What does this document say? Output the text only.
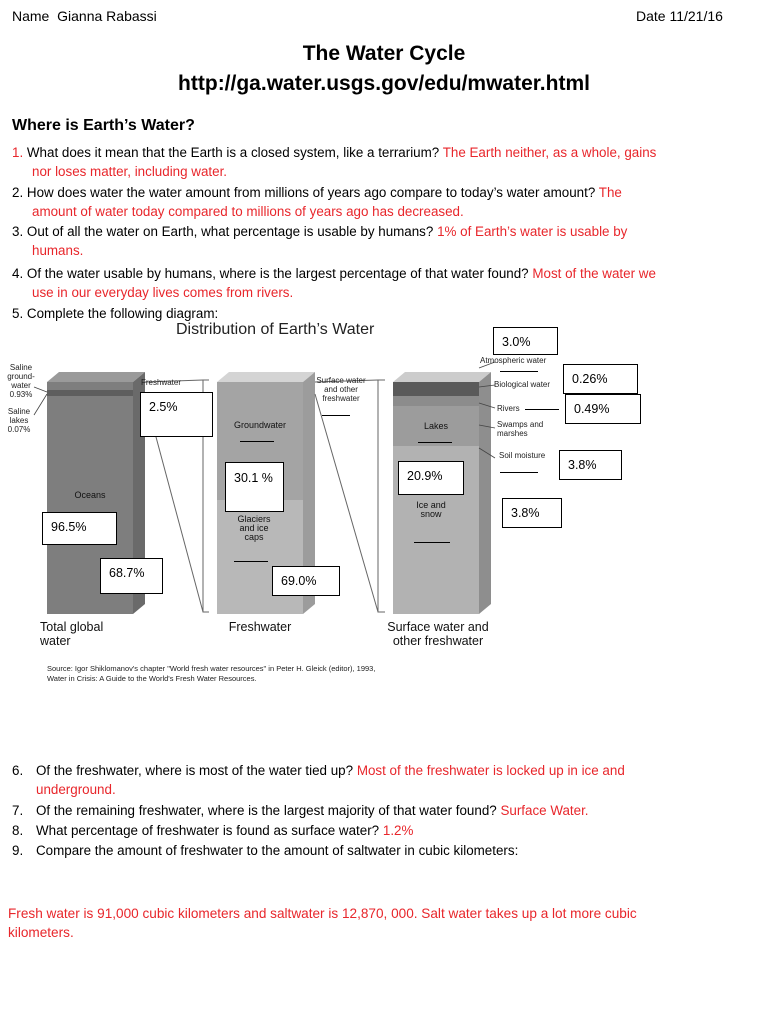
Name Gianna Rabassi	Date 11/21/16
The Water Cycle
http://ga.water.usgs.gov/edu/mwater.html
Where is Earth’s Water?
1. What does it mean that the Earth is a closed system, like a terrarium? The Earth neither, as a whole, gains
nor loses matter, including water.
2. How does water the water amount from millions of years ago compare to today’s water amount? The
amount of water today compared to millions of years ago has decreased.
3. Out of all the water on Earth, what percentage is usable by humans? 1% of Earth’s water is usable by
humans.
4. Of the water usable by humans, where is the largest percentage of that water found? Most of the water we
use in our everyday lives comes from rivers.
5. Complete the following diagram:
Distribution of Earth’s Water
Saline ground-water 0.93%
Saline lakes 0.07%
Freshwater
Groundwater
Oceans
Glaciers and ice caps
Surface water and other freshwater
Lakes
Ice and snow
Atmospheric water
Biological water
Rivers
Swamps and marshes
Soil moisture
2.5%
96.5%
68.7%
30.1 %
69.0%
20.9%
3.0%
0.26%
0.49%
3.8%
3.8%
Total global water
Freshwater	Surface water and other freshwater
Source: Igor Shiklomanov's chapter "World fresh water resources" in Peter H. Gleick (editor), 1993,
Water in Crisis: A Guide to the World's Fresh Water Resources.
6. Of the freshwater, where is most of the water tied up? Most of the freshwater is locked up in ice and
underground.
7. Of the remaining freshwater, where is the largest majority of that water found? Surface Water.
8. What percentage of freshwater is found as surface water? 1.2%
9. Compare the amount of freshwater to the amount of saltwater in cubic kilometers:
Fresh water is 91,000 cubic kilometers and saltwater is 12,870, 000. Salt water takes up a lot more cubic
kilometers.
